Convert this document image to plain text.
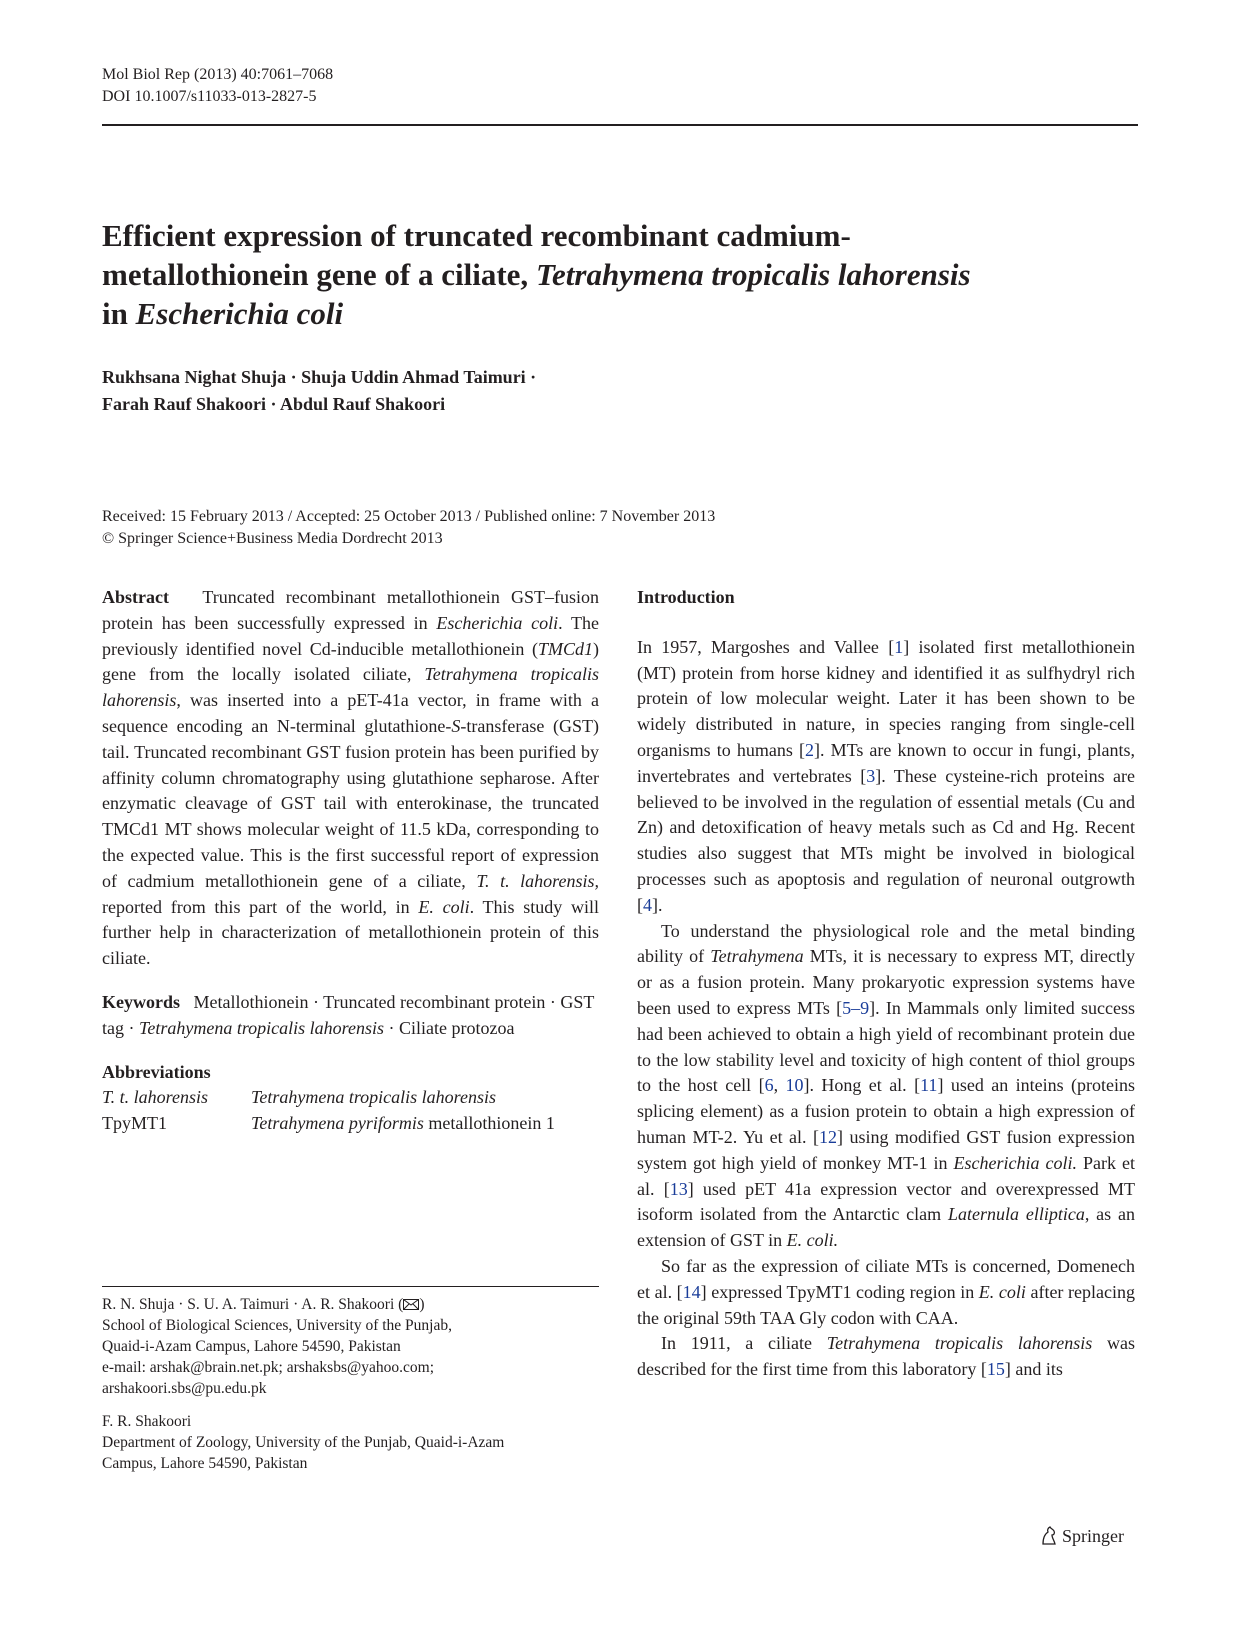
Mol Biol Rep (2013) 40:7061–7068
DOI 10.1007/s11033-013-2827-5
Efficient expression of truncated recombinant cadmium-
metallothionein gene of a ciliate, Tetrahymena tropicalis lahorensis
in Escherichia coli
Rukhsana Nighat Shuja · Shuja Uddin Ahmad Taimuri ·
Farah Rauf Shakoori · Abdul Rauf Shakoori
Received: 15 February 2013 / Accepted: 25 October 2013 / Published online: 7 November 2013
© Springer Science+Business Media Dordrecht 2013

Abstract Truncated recombinant metallothionein GST–fusion protein has been successfully expressed in Escherichia coli. The previously identified novel Cd-inducible metallothionein (TMCd1) gene from the locally isolated ciliate, Tetrahymena tropicalis lahorensis, was inserted into a pET-41a vector, in frame with a sequence encoding an N-terminal glutathione-S-transferase (GST) tail. Truncated recombinant GST fusion protein has been purified by affinity column chromatography using glutathione sepharose. After enzymatic cleavage of GST tail with enterokinase, the truncated TMCd1 MT shows molecular weight of 11.5 kDa, corresponding to the expected value. This is the first successful report of expression of cadmium metallothionein gene of a ciliate, T. t. lahorensis, reported from this part of the world, in E. coli. This study will further help in characterization of metallothionein protein of this ciliate.

Keywords Metallothionein · Truncated recombinant protein · GST tag · Tetrahymena tropicalis lahorensis · Ciliate protozoa

Abbreviations

T. t. lahorensis	Tetrahymena tropicalis lahorensis
TpyMT1	Tetrahymena pyriformis metallothionein 1

R. N. Shuja · S. U. A. Taimuri · A. R. Shakoori ( )

School of Biological Sciences, University of the Punjab,

Quaid-i-Azam Campus, Lahore 54590, Pakistan

e-mail: arshak@brain.net.pk; arshaksbs@yahoo.com;

arshakoori.sbs@pu.edu.pk

F. R. Shakoori

Department of Zoology, University of the Punjab, Quaid-i-Azam

Campus, Lahore 54590, Pakistan

Introduction

In 1957, Margoshes and Vallee [1] isolated first metallothionein (MT) protein from horse kidney and identified it as sulfhydryl rich protein of low molecular weight. Later it has been shown to be widely distributed in nature, in species ranging from single-cell organisms to humans [2]. MTs are known to occur in fungi, plants, invertebrates and vertebrates [3]. These cysteine-rich proteins are believed to be involved in the regulation of essential metals (Cu and Zn) and detoxification of heavy metals such as Cd and Hg. Recent studies also suggest that MTs might be involved in biological processes such as apoptosis and regulation of neuronal outgrowth [4].

To understand the physiological role and the metal binding ability of Tetrahymena MTs, it is necessary to express MT, directly or as a fusion protein. Many prokaryotic expression systems have been used to express MTs [5–9]. In Mammals only limited success had been achieved to obtain a high yield of recombinant protein due to the low stability level and toxicity of high content of thiol groups to the host cell [6, 10]. Hong et al. [11] used an inteins (proteins splicing element) as a fusion protein to obtain a high expression of human MT-2. Yu et al. [12] using modified GST fusion expression system got high yield of monkey MT-1 in Escherichia coli. Park et al. [13] used pET 41a expression vector and overexpressed MT isoform isolated from the Antarctic clam Laternula elliptica, as an extension of GST in E. coli.

So far as the expression of ciliate MTs is concerned, Domenech et al. [14] expressed TpyMT1 coding region in E. coli after replacing the original 59th TAA Gly codon with CAA.

In 1911, a ciliate Tetrahymena tropicalis lahorensis was described for the first time from this laboratory [15] and its

Springer
